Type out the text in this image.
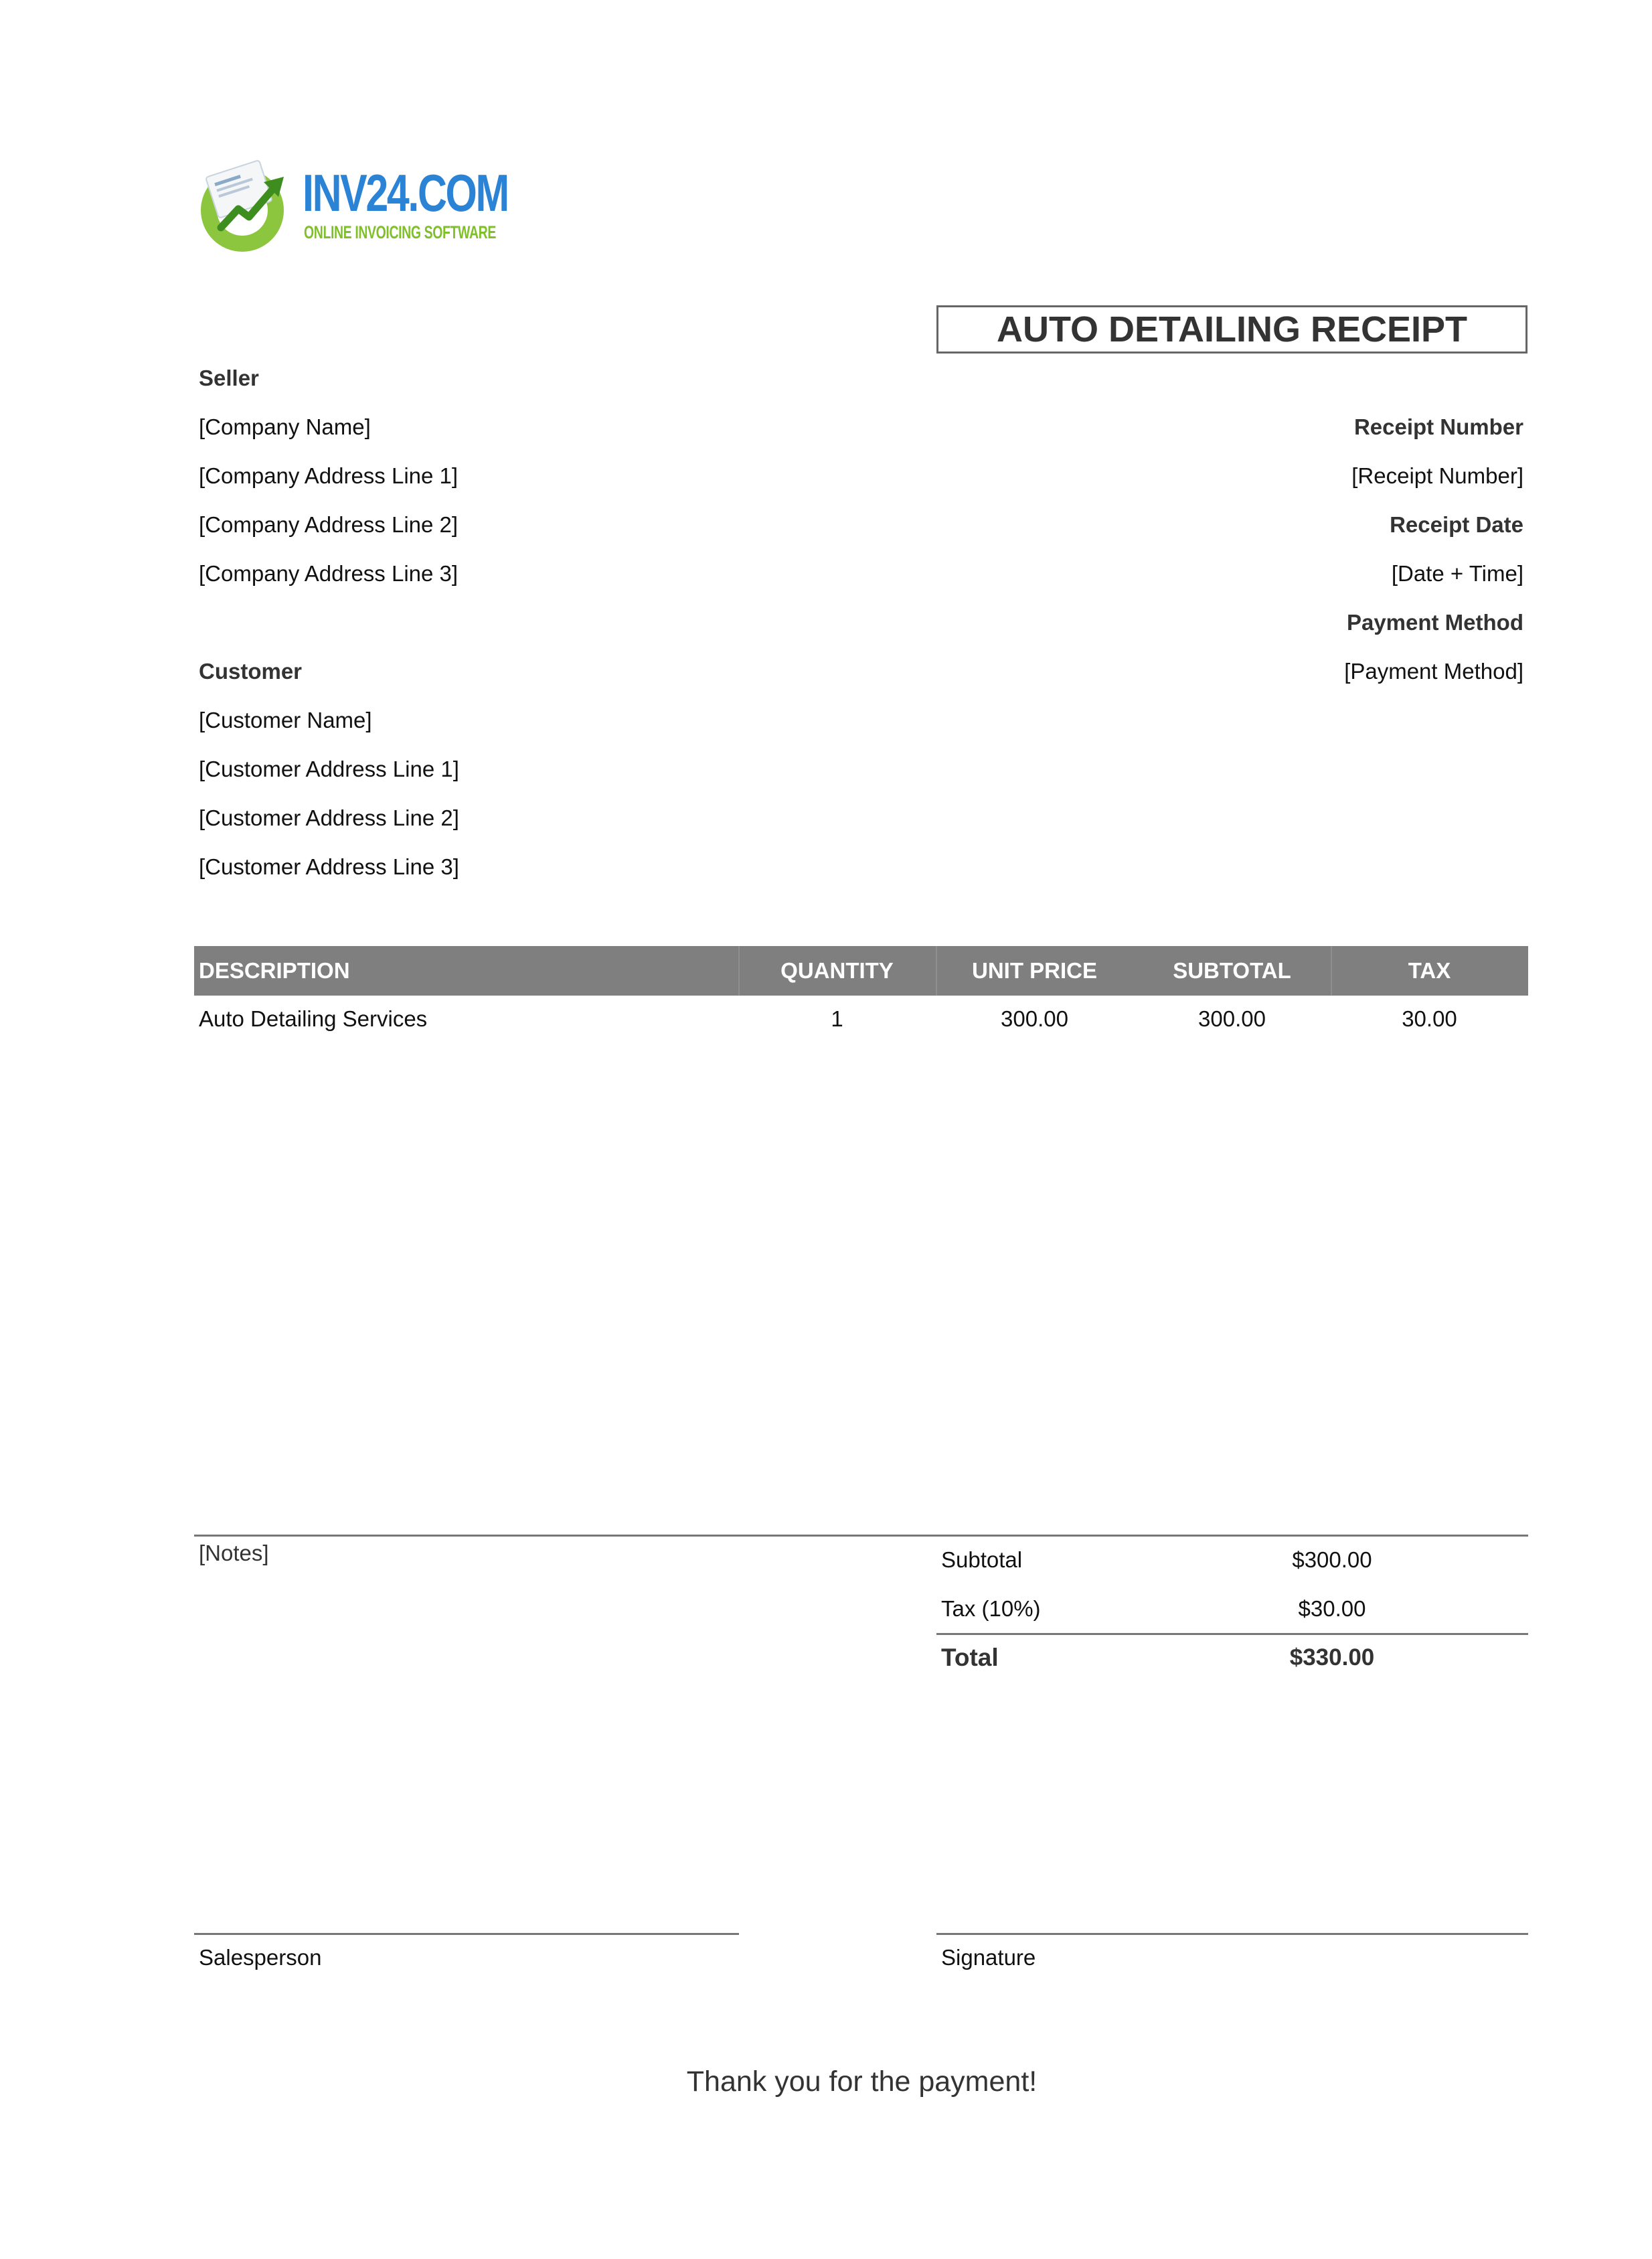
INV24.COM
ONLINE INVOICING SOFTWARE
AUTO DETAILING RECEIPT
Seller
[Company Name]
[Company Address Line 1]
[Company Address Line 2]
[Company Address Line 3]
Customer
[Customer Name]
[Customer Address Line 1]
[Customer Address Line 2]
[Customer Address Line 3]
Receipt Number
[Receipt Number]
Receipt Date
[Date + Time]
Payment Method
[Payment Method]
DESCRIPTION	QUANTITY	UNIT PRICE	SUBTOTAL	TAX
Auto Detailing Services	1	300.00	300.00	30.00
[Notes]	Subtotal	$300.00
Tax (10%)	$30.00
Total	$330.00
Salesperson	Signature
Thank you for the payment!
